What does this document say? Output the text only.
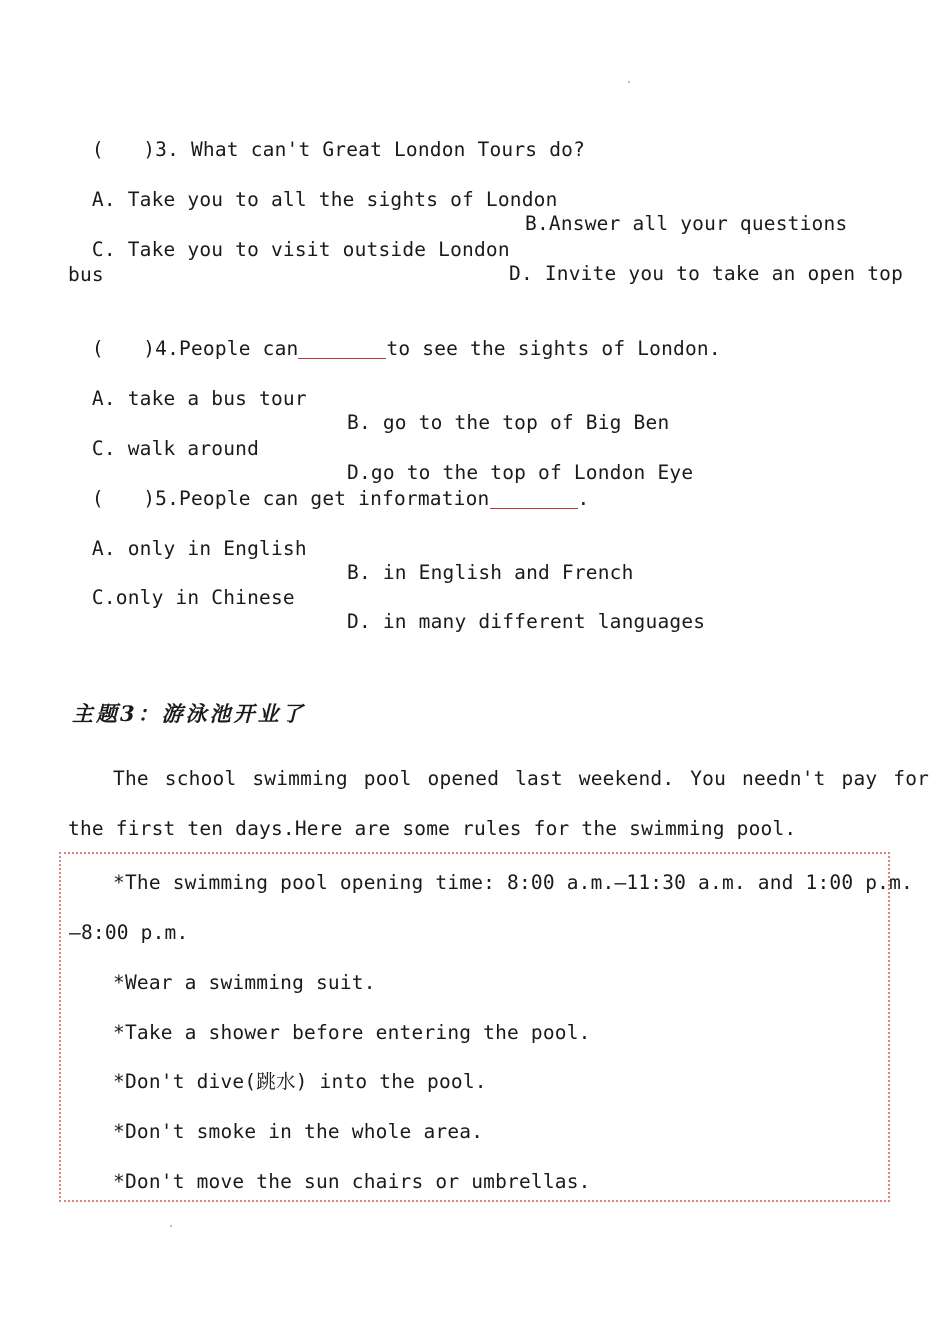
(　　)3. What can't Great London Tours do?

A. Take you to all the sights of London

B.Answer all your questions

C. Take you to visit outside London

D. Invite you to take an open top

bus

(　　)4.People can	to see the sights of London.

A. take a bus tour

B. go to the top of Big Ben

C. walk around

D.go to the top of London Eye

(　　)5.People can get information	.

A. only in English

B. in English and French

C.only in Chinese

D. in many different languages

主题3：游泳池开业了
The school swimming pool opened last weekend. You needn't pay for
the first ten days.Here are some rules for the swimming pool.
*The swimming pool opening time: 8:00 a.m.—11:30 a.m. and 1:00 p.m.
—8:00 p.m.
*Wear a swimming suit.
*Take a shower before entering the pool.
*Don't dive(跳水) into the pool.
*Don't smoke in the whole area.
*Don't move the sun chairs or umbrellas.
